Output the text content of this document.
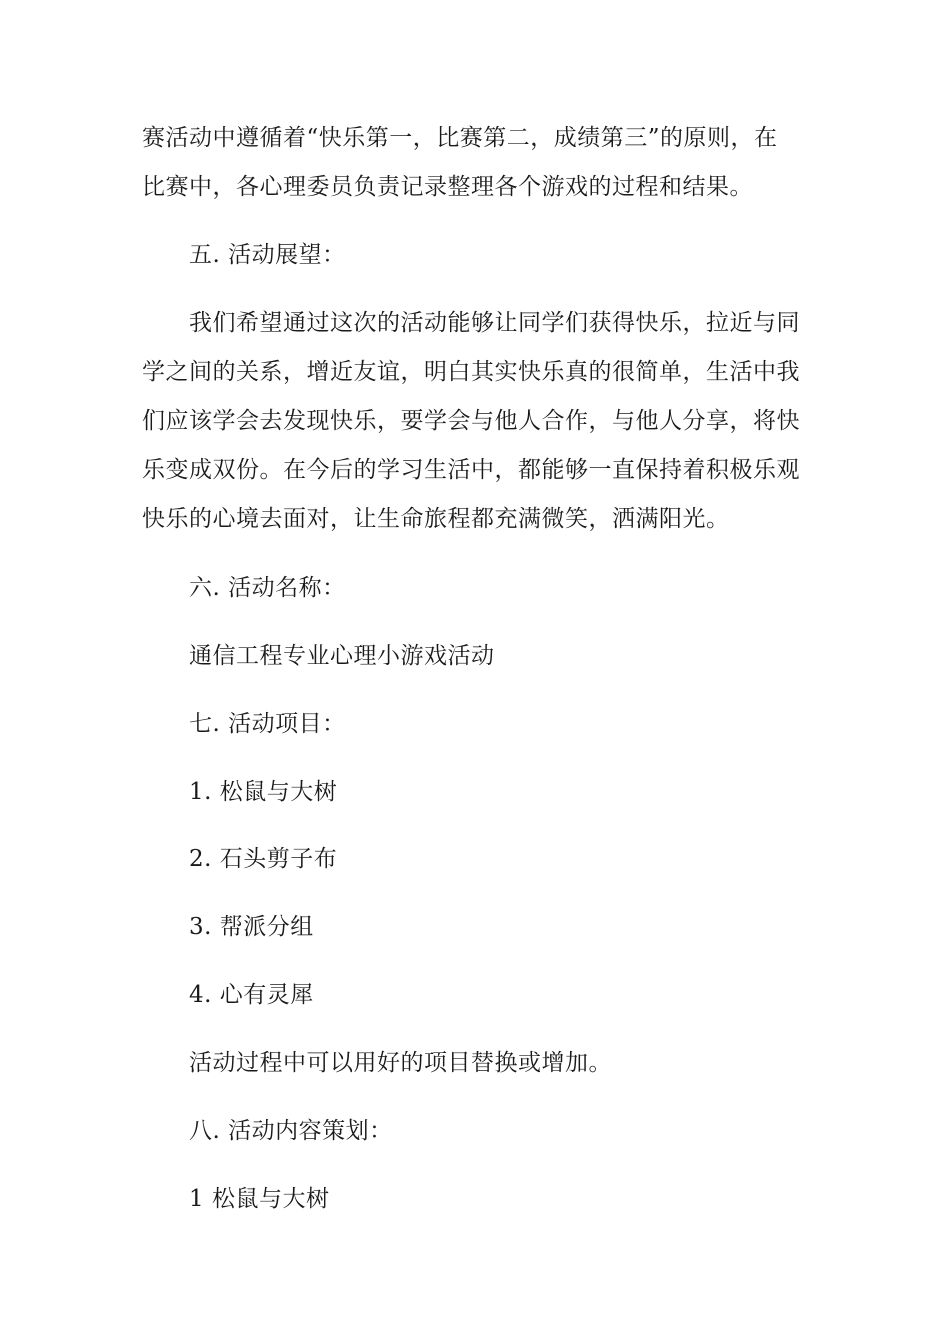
赛活动中遵循着“快乐第一，比赛第二，成绩第三”的原则，在
比赛中，各心理委员负责记录整理各个游戏的过程和结果。
五. 活动展望：
我们希望通过这次的活动能够让同学们获得快乐，拉近与同
学之间的关系，增近友谊，明白其实快乐真的很简单，生活中我
们应该学会去发现快乐，要学会与他人合作，与他人分享，将快
乐变成双份。在今后的学习生活中，都能够一直保持着积极乐观
快乐的心境去面对，让生命旅程都充满微笑，洒满阳光。
六. 活动名称：
通信工程专业心理小游戏活动
七. 活动项目：
1. 松鼠与大树
2. 石头剪子布
3. 帮派分组
4. 心有灵犀
活动过程中可以用好的项目替换或增加。
八. 活动内容策划：
1 松鼠与大树
